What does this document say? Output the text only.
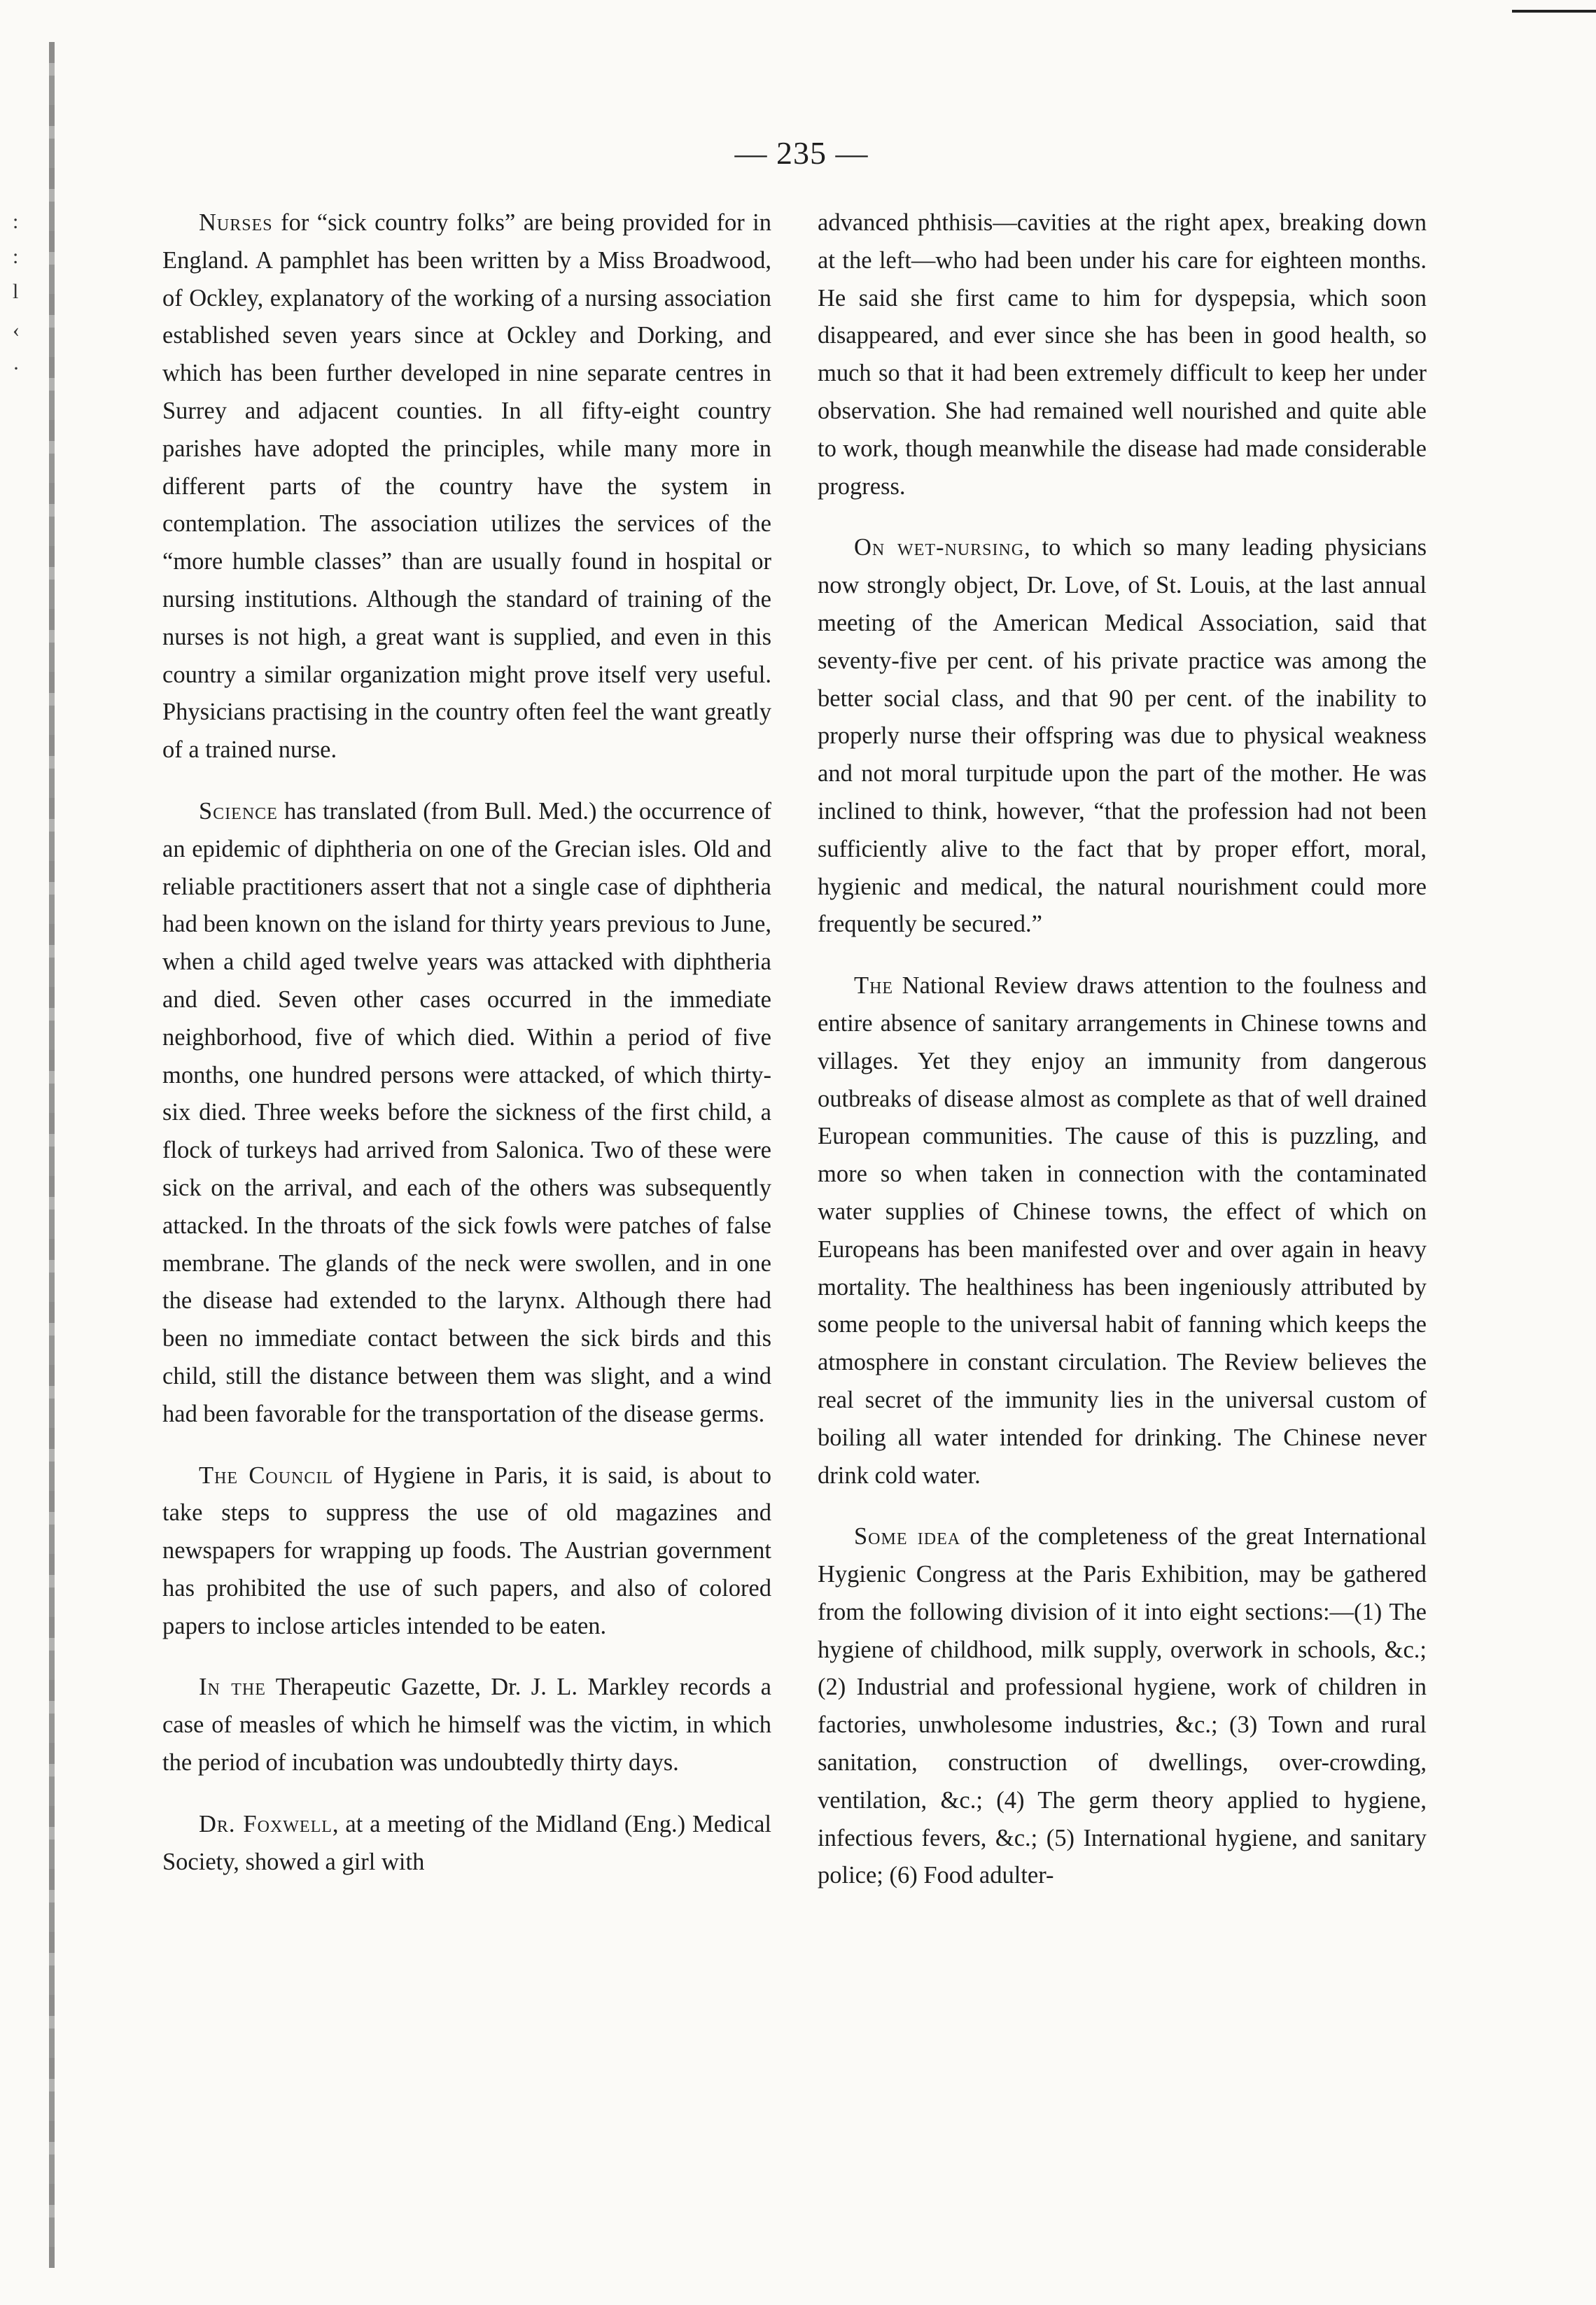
:
:
l
‹
·
— 235 —

Nurses for “sick country folks” are being provided for in England. A pamphlet has been written by a Miss Broadwood, of Ockley, explanatory of the working of a nursing association established seven years since at Ockley and Dorking, and which has been further developed in nine separate centres in Surrey and adjacent counties. In all fifty-eight country parishes have adopted the principles, while many more in different parts of the country have the system in contemplation. The association utilizes the services of the “more humble classes” than are usually found in hospital or nursing institutions. Although the standard of training of the nurses is not high, a great want is supplied, and even in this country a similar organization might prove itself very useful. Physicians practising in the country often feel the want greatly of a trained nurse.

Science has translated (from Bull. Med.) the occurrence of an epidemic of diphtheria on one of the Grecian isles. Old and reliable practitioners assert that not a single case of diphtheria had been known on the island for thirty years previous to June, when a child aged twelve years was attacked with diphtheria and died. Seven other cases occurred in the immediate neighborhood, five of which died. Within a period of five months, one hundred persons were attacked, of which thirty-six died. Three weeks before the sickness of the first child, a flock of turkeys had arrived from Salonica. Two of these were sick on the arrival, and each of the others was subsequently attacked. In the throats of the sick fowls were patches of false membrane. The glands of the neck were swollen, and in one the disease had extended to the larynx. Although there had been no immediate contact between the sick birds and this child, still the distance between them was slight, and a wind had been favorable for the transportation of the disease germs.

The Council of Hygiene in Paris, it is said, is about to take steps to suppress the use of old magazines and newspapers for wrapping up foods. The Austrian government has prohibited the use of such papers, and also of colored papers to inclose articles intended to be eaten.

In the Therapeutic Gazette, Dr. J. L. Markley records a case of measles of which he himself was the victim, in which the period of incubation was undoubtedly thirty days.

Dr. Foxwell, at a meeting of the Midland (Eng.) Medical Society, showed a girl with

advanced phthisis—cavities at the right apex, breaking down at the left—who had been under his care for eighteen months. He said she first came to him for dyspepsia, which soon disappeared, and ever since she has been in good health, so much so that it had been extremely difficult to keep her under observation. She had remained well nourished and quite able to work, though meanwhile the disease had made considerable progress.

On wet-nursing, to which so many leading physicians now strongly object, Dr. Love, of St. Louis, at the last annual meeting of the American Medical Association, said that seventy-five per cent. of his private practice was among the better social class, and that 90 per cent. of the inability to properly nurse their offspring was due to physical weakness and not moral turpitude upon the part of the mother. He was inclined to think, however, “that the profession had not been sufficiently alive to the fact that by proper effort, moral, hygienic and medical, the natural nourishment could more frequently be secured.”

The National Review draws attention to the foulness and entire absence of sanitary arrangements in Chinese towns and villages. Yet they enjoy an immunity from dangerous outbreaks of disease almost as complete as that of well drained European communities. The cause of this is puzzling, and more so when taken in connection with the contaminated water supplies of Chinese towns, the effect of which on Europeans has been manifested over and over again in heavy mortality. The healthiness has been ingeniously attributed by some people to the universal habit of fanning which keeps the atmosphere in constant circulation. The Review believes the real secret of the immunity lies in the universal custom of boiling all water intended for drinking. The Chinese never drink cold water.

Some idea of the completeness of the great International Hygienic Congress at the Paris Exhibition, may be gathered from the following division of it into eight sections:—(1) The hygiene of childhood, milk supply, overwork in schools, &c.; (2) Industrial and professional hygiene, work of children in factories, unwholesome industries, &c.; (3) Town and rural sanitation, construction of dwellings, over-crowding, ventilation, &c.; (4) The germ theory applied to hygiene, infectious fevers, &c.; (5) International hygiene, and sanitary police; (6) Food adulter-
